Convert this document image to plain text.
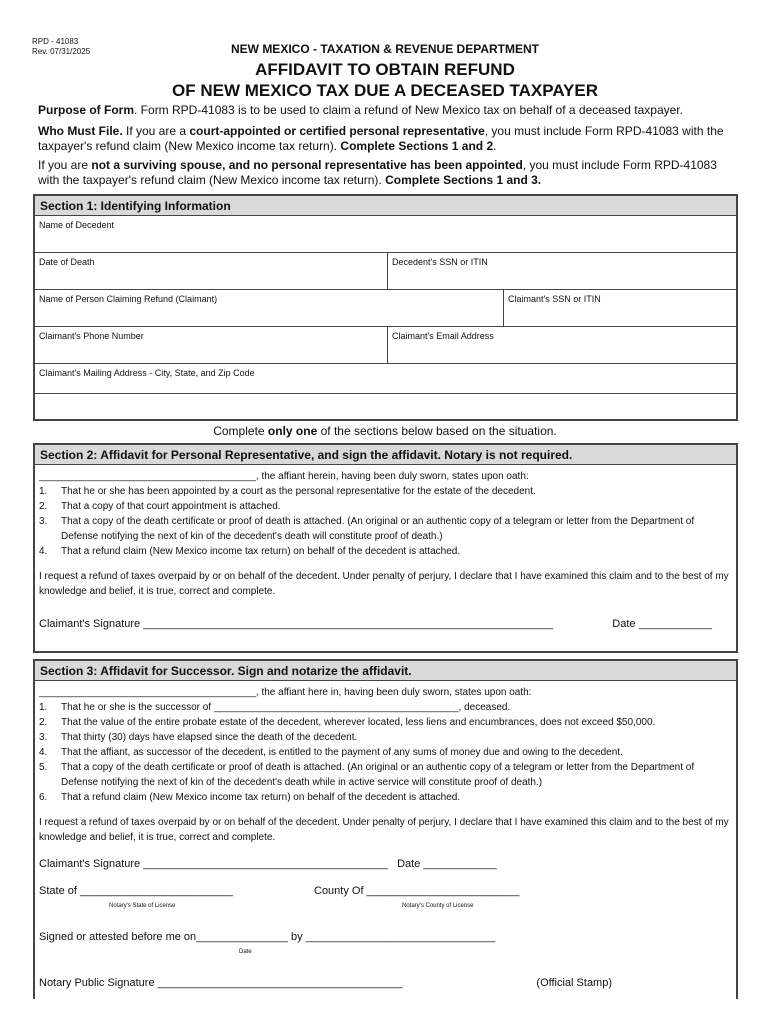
RPD - 41083
Rev. 07/31/2025	NEW MEXICO - TAXATION & REVENUE DEPARTMENT
AFFIDAVIT TO OBTAIN REFUND
OF NEW MEXICO TAX DUE A DECEASED TAXPAYER
Purpose of Form. Form RPD-41083 is to be used to claim a refund of New Mexico tax on behalf of a deceased taxpayer.
Who Must File. If you are a court-appointed or certified personal representative, you must include Form RPD-41083 with the taxpayer's refund claim (New Mexico income tax return). Complete Sections 1 and 2.
If you are not a surviving spouse, and no personal representative has been appointed, you must include Form RPD-41083 with the taxpayer's refund claim (New Mexico income tax return). Complete Sections 1 and 3.
Section 1: Identifying Information
Name of Decedent
Date of Death	Decedent's SSN or ITIN
Name of Person Claiming Refund (Claimant)	Claimant's SSN or ITIN
Claimant's Phone Number	Claimant's Email Address
Claimant's Mailing Address - City, State, and Zip Code
Complete only one of the sections below based on the situation.
Section 2: Affidavit for Personal Representative, and sign the affidavit. Notary is not required.
_______________________________________, the affiant herein, having been duly sworn, states upon oath:
1.	That he or she has been appointed by a court as the personal representative for the estate of the decedent.
2.	That a copy of that court appointment is attached.
3.	That a copy of the death certificate or proof of death is attached. (An original or an authentic copy of a telegram or letter from the Department of Defense notifying the next of kin of the decedent's death will constitute proof of death.)
4.	That a refund claim (New Mexico income tax return) on behalf of the decedent is attached.
I request a refund of taxes overpaid by or on behalf of the decedent. Under penalty of perjury, I declare that I have examined this claim and to the best of my knowledge and belief, it is true, correct and complete.
Claimant's Signature ___________________________________________________________________	Date ____________
Section 3: Affidavit for Successor. Sign and notarize the affidavit.
_______________________________________, the affiant here in, having been duly sworn, states upon oath:
1.	That he or she is the successor of ____________________________________________, deceased.
2.	That the value of the entire probate estate of the decedent, wherever located, less liens and encumbrances, does not exceed $50,000.
3.	That thirty (30) days have elapsed since the death of the decedent.
4.	That the affiant, as successor of the decedent, is entitled to the payment of any sums of money due and owing to the decedent.
5.	That a copy of the death certificate or proof of death is attached. (An original or an authentic copy of a telegram or letter from the Department of Defense notifying the next of kin of the decedent's death while in active service will constitute proof of death.)
6.	That a refund claim (New Mexico income tax return) on behalf of the decedent is attached.
I request a refund of taxes overpaid by or on behalf of the decedent. Under penalty of perjury, I declare that I have examined this claim and to the best of my knowledge and belief, it is true, correct and complete.
Claimant's Signature ________________________________________ Date ____________
State of _________________________
Notary's State of License
County Of _________________________
Notary's County of License
Signed or attested before me on_______________ by _______________________________
Date
Notary Public Signature ________________________________________	(Official Stamp)
